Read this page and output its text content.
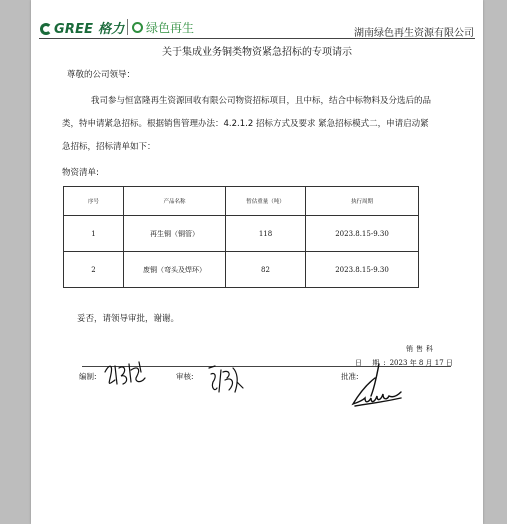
GREE 格力	绿色再生	湖南绿色再生资源有限公司
关于集成业务铜类物资紧急招标的专项请示
尊敬的公司领导：
我司参与恒富隆再生资源回收有限公司物资招标项目，且中标，结合中标物料及分选后的品
类，特申请紧急招标。根据销售管理办法：4.2.1.2 招标方式及要求 紧急招标模式二，申请启动紧
急招标，招标清单如下：
物资清单:
序号	产品名称	暂估重量（吨）	执行周期
1	再生铜（铜管）	118	2023.8.15-9.30
2	废铜（弯头及焊环）	82	2023.8.15-9.30
妥否，请领导审批，谢谢。
销售科
日 期:2023 年 8 月 17 日
编制:	审核:	批准:
